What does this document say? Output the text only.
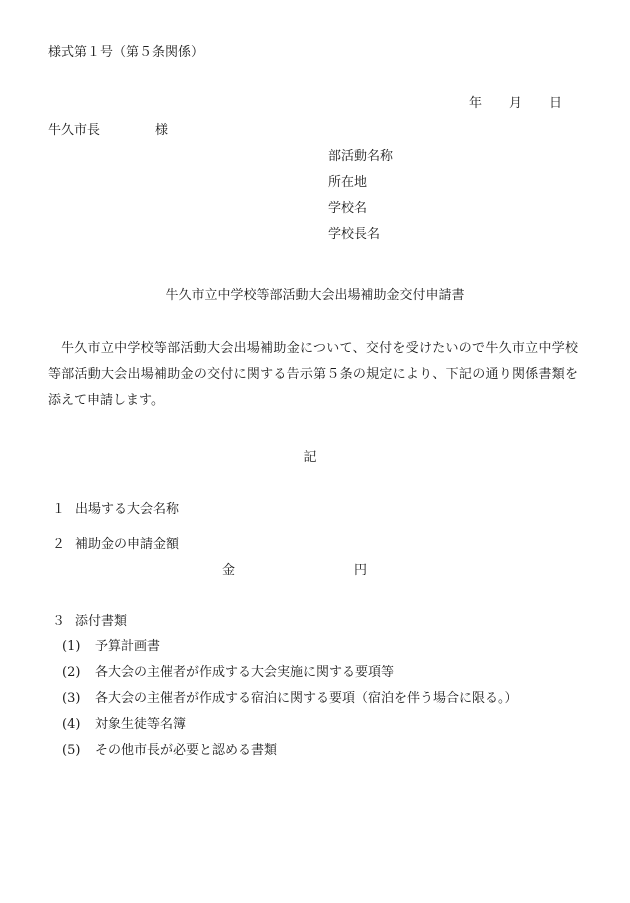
様式第１号（第５条関係）
年 月 日
牛久市長	様
部活動名称
所在地
学校名
学校長名
牛久市立中学校等部活動大会出場補助金交付申請書
牛久市立中学校等部活動大会出場補助金について、交付を受けたいので牛久市立中学校等部活動大会出場補助金の交付に関する告示第５条の規定により、下記の通り関係書類を添えて申請します。
記
１ 出場する大会名称
２ 補助金の申請金額
金	円
３ 添付書類
(1) 予算計画書
(2) 各大会の主催者が作成する大会実施に関する要項等
(3) 各大会の主催者が作成する宿泊に関する要項（宿泊を伴う場合に限る。）
(4) 対象生徒等名簿
(5) その他市長が必要と認める書類
